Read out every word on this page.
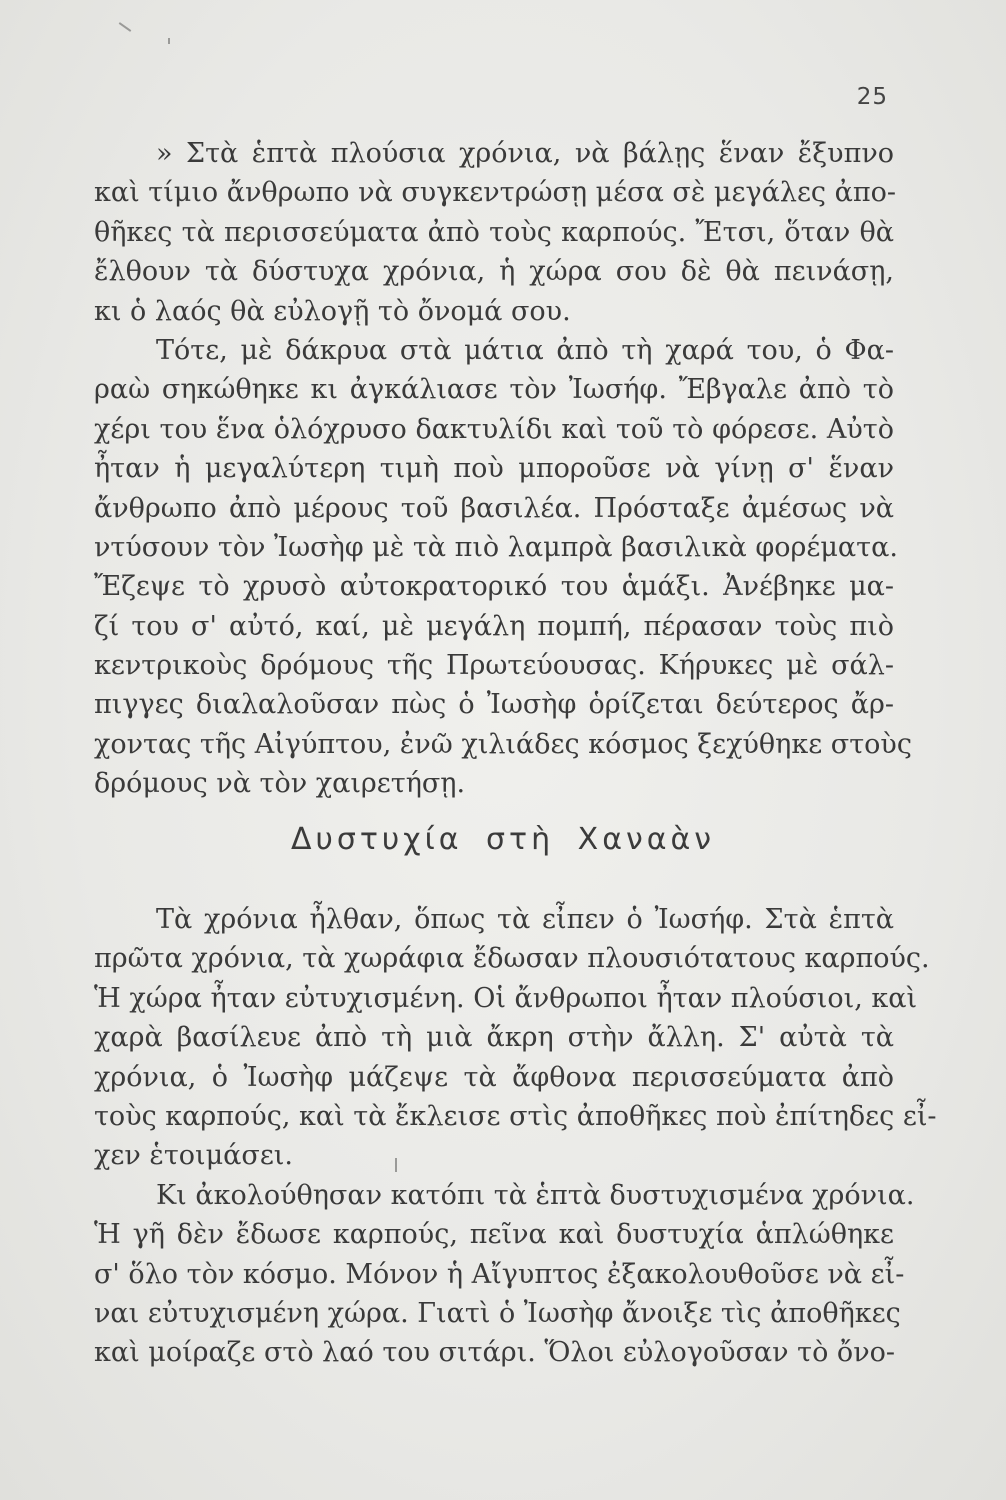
25
» Στὰ ἑπτὰ πλούσια χρόνια, νὰ βάλῃς ἕναν ἔξυπνο
καὶ τίμιο ἄνθρωπο νὰ συγκεντρώσῃ μέσα σὲ μεγάλες ἀπο-
θῆκες τὰ περισσεύματα ἀπὸ τοὺς καρπούς. Ἔτσι, ὅταν θὰ
ἔλθουν τὰ δύστυχα χρόνια, ἡ χώρα σου δὲ θὰ πεινάσῃ,
κι ὁ λαός θὰ εὐλογῇ τὸ ὄνομά σου.
Τότε, μὲ δάκρυα στὰ μάτια ἀπὸ τὴ χαρά του, ὁ Φα-
ραὼ σηκώθηκε κι ἀγκάλιασε τὸν Ἰωσήφ. Ἔβγαλε ἀπὸ τὸ
χέρι του ἕνα ὁλόχρυσο δακτυλίδι καὶ τοῦ τὸ φόρεσε. Αὐτὸ
ἦταν ἡ μεγαλύτερη τιμὴ ποὺ μποροῦσε νὰ γίνῃ σ' ἕναν
ἄνθρωπο ἀπὸ μέρους τοῦ βασιλέα. Πρόσταξε ἀμέσως νὰ
ντύσουν τὸν Ἰωσὴφ μὲ τὰ πιὸ λαμπρὰ βασιλικὰ φορέματα.
Ἔζεψε τὸ χρυσὸ αὐτοκρατορικό του ἁμάξι. Ἀνέβηκε μα-
ζί του σ' αὐτό, καί, μὲ μεγάλη πομπή, πέρασαν τοὺς πιὸ
κεντρικοὺς δρόμους τῆς Πρωτεύουσας. Κήρυκες μὲ σάλ-
πιγγες διαλαλοῦσαν πὼς ὁ Ἰωσὴφ ὁρίζεται δεύτερος ἄρ-
χοντας τῆς Αἰγύπτου, ἐνῶ χιλιάδες κόσμος ξεχύθηκε στοὺς
δρόμους νὰ τὸν χαιρετήσῃ.
Δυστυχία στὴ Χαναὰν
Τὰ χρόνια ἦλθαν, ὅπως τὰ εἶπεν ὁ Ἰωσήφ. Στὰ ἑπτὰ
πρῶτα χρόνια, τὰ χωράφια ἔδωσαν πλουσιότατους καρπούς.
Ἡ χώρα ἦταν εὐτυχισμένη. Οἱ ἄνθρωποι ἦταν πλούσιοι, καὶ
χαρὰ βασίλευε ἀπὸ τὴ μιὰ ἄκρη στὴν ἄλλη. Σ' αὐτὰ τὰ
χρόνια, ὁ Ἰωσὴφ μάζεψε τὰ ἄφθονα περισσεύματα ἀπὸ
τοὺς καρπούς, καὶ τὰ ἔκλεισε στὶς ἀποθῆκες ποὺ ἐπίτηδες εἶ-
χεν ἑτοιμάσει.
Κι ἀκολούθησαν κατόπι τὰ ἑπτὰ δυστυχισμένα χρόνια.
Ἡ γῆ δὲν ἔδωσε καρπούς, πεῖνα καὶ δυστυχία ἁπλώθηκε
σ' ὅλο τὸν κόσμο. Μόνον ἡ Αἴγυπτος ἐξακολουθοῦσε νὰ εἶ-
ναι εὐτυχισμένη χώρα. Γιατὶ ὁ Ἰωσὴφ ἄνοιξε τὶς ἀποθῆκες
καὶ μοίραζε στὸ λαό του σιτάρι. Ὅλοι εὐλογοῦσαν τὸ ὄνο-
